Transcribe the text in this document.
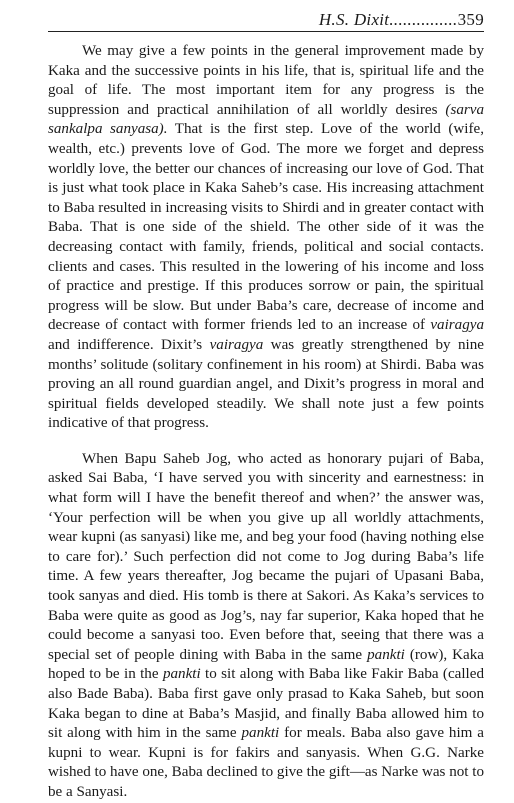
H.S. Dixit...............359

We may give a few points in the general improvement made by Kaka and the successive points in his life, that is, spiritual life and the goal of life. The most important item for any progress is the suppression and practical annihilation of all worldly desires (sarva sankalpa sanyasa). That is the first step. Love of the world (wife, wealth, etc.) prevents love of God. The more we forget and depress worldly love, the better our chances of increasing our love of God. That is just what took place in Kaka Saheb’s case. His increasing attachment to Baba resulted in increasing visits to Shirdi and in greater contact with Baba. That is one side of the shield. The other side of it was the decreasing contact with family, friends, political and social contacts. clients and cases. This resulted in the lowering of his income and loss of practice and prestige. If this produces sorrow or pain, the spiritual progress will be slow. But under Baba’s care, decrease of income and decrease of contact with former friends led to an increase of vairagya and indifference. Dixit’s vairagya was greatly strengthened by nine months’ solitude (solitary confinement in his room) at Shirdi. Baba was proving an all round guardian angel, and Dixit’s progress in moral and spiritual fields developed steadily. We shall note just a few points indicative of that progress.

When Bapu Saheb Jog, who acted as honorary pujari of Baba, asked Sai Baba, ‘I have served you with sincerity and earnestness: in what form will I have the benefit thereof and when?’ the answer was, ‘Your perfection will be when you give up all worldly attachments, wear kupni (as sanyasi) like me, and beg your food (having nothing else to care for).’ Such perfection did not come to Jog during Baba’s life time. A few years thereafter, Jog became the pujari of Upasani Baba, took sanyas and died. His tomb is there at Sakori. As Kaka’s services to Baba were quite as good as Jog’s, nay far superior, Kaka hoped that he could become a sanyasi too. Even before that, seeing that there was a special set of people dining with Baba in the same pankti (row), Kaka hoped to be in the pankti to sit along with Baba like Fakir Baba (called also Bade Baba). Baba first gave only prasad to Kaka Saheb, but soon Kaka began to dine at Baba’s Masjid, and finally Baba allowed him to sit along with him in the same pankti for meals. Baba also gave him a kupni to wear. Kupni is for fakirs and sanyasis. When G.G. Narke wished to have one, Baba declined to give the gift—as Narke was not to be a Sanyasi.
